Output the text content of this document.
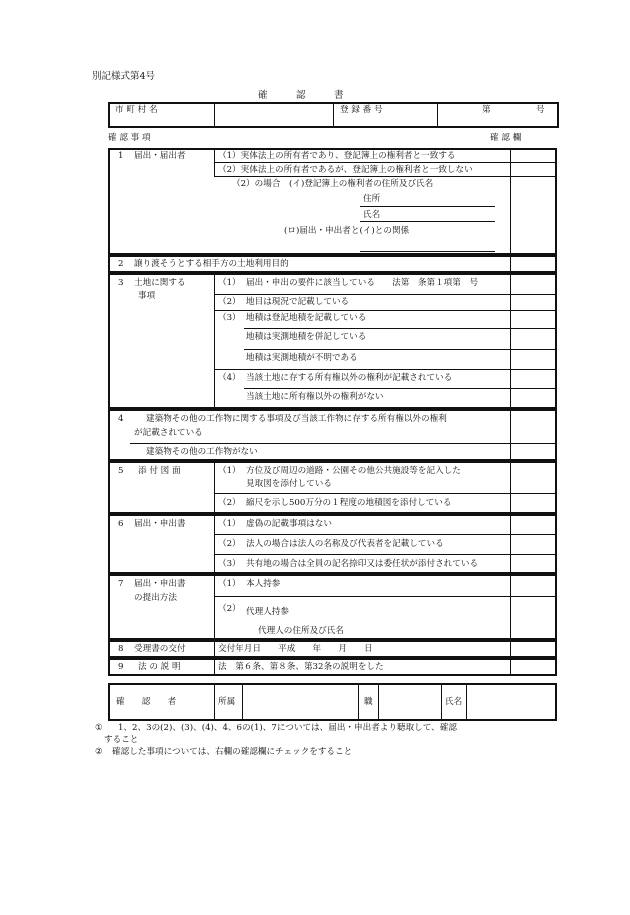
別記様式第4号
確　　　認　　　書
市 町 村 名	登 録 番 号	第	号
確 認 事 項	確 認 欄
1 届出・届出者	（1）実体法上の所有者であり、登記簿上の権利者と一致する
（2）実体法上の所有者であるが、登記簿上の権利者と一致しない
（2）の場合　(イ)登記簿上の権利者の住所及び氏名
住所
氏名
(ロ)届出・申出者と(イ)との関係
2 譲り渡そうとする相手方の土地利用目的
3 土地に関する
事項
（1） 届出・申出の要件に該当している　　法第　条第１項第　号
（2） 地目は現況で記載している
（3） 地積は登記地積を記載している
地積は実測地積を併記している
地積は実測地積が不明である
（4） 当該土地に存する所有権以外の権利が記載されている
当該土地に所有権以外の権利がない
4	建築物その他の工作物に関する事項及び当該工作物に存する所有権以外の権利
が記載されている
建築物その他の工作物がない
5 添 付 図 面	（1） 方位及び周辺の道路・公園その他公共施設等を記入した
見取図を添付している
（2） 縮尺を示し500万分の１程度の地積図を添付している
6 届出・申出書	（1） 虚偽の記載事項はない
（2） 法人の場合は法人の名称及び代表者を記載している
（3） 共有地の場合は全員の記名捺印又は委任状が添付されている
7 届出・申出書
の提出方法
（1） 本人持参
（2） 代理人持参
代理人の住所及び氏名
8 受理書の交付	交付年月日　　平成　　年　　月　　日
9 法 の 説 明	法　第６条、第８条、第32条の説明をした
確　　認　　者	所属	職	氏名
① 1、2、3の(2)、(3)、(4)、4、6の(1)、7については、届出・申出者より聴取して、確認
すること
② 確認した事項については、右欄の確認欄にチェックをすること
